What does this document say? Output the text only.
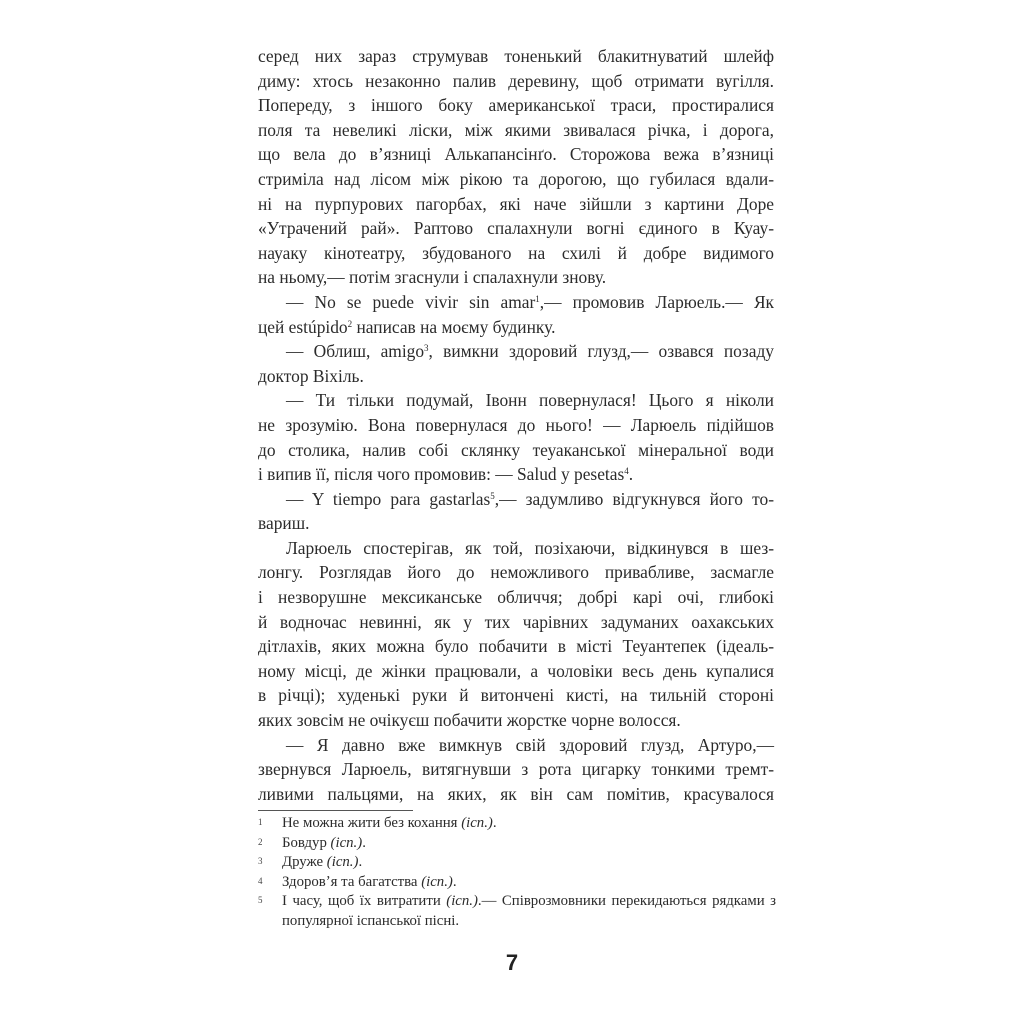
серед них зараз струмував тоненький блакитнуватий шлейф
диму: хтось незаконно палив деревину, щоб отримати вугілля.
Попереду, з іншого боку американської траси, простиралися
поля та невеликі ліски, між якими звивалася річка, і дорога,
що вела до вʼязниці Алькапансінґо. Сторожова вежа вʼязниці
стриміла над лісом між рікою та дорогою, що губилася вдали-
ні на пурпурових пагорбах, які наче зійшли з картини Доре
«Утрачений рай». Раптово спалахнули вогні єдиного в Куау-
науаку кінотеатру, збудованого на схилі й добре видимого
на ньому,— потім згаснули і спалахнули знову.

— No se puede vivir sin amar$^1$,— промовив Ларюель.— Як
цей estúpido$^2$ написав на моєму будинку.

— Облиш, amigo$^3$, вимкни здоровий глузд,— озвався позаду
доктор Віхіль.

— Ти тільки подумай, Івонн повернулася! Цього я ніколи
не зрозумію. Вона повернулася до нього! — Ларюель підійшов
до столика, налив собі склянку теуаканської мінеральної води
і випив її, після чого промовив: — Salud y pesetas$^4$.

— Y tiempo para gastarlas$^5$,— задумливо відгукнувся його то-
вариш.

Ларюель спостерігав, як той, позіхаючи, відкинувся в шез-
лонгу. Розглядав його до неможливого привабливе, засмагле
і незворушне мексиканське обличчя; добрі карі очі, глибокі
й водночас невинні, як у тих чарівних задуманих оахакських
дітлахів, яких можна було побачити в місті Теуантепек (ідеаль-
ному місці, де жінки працювали, а чоловіки весь день купалися
в річці); худенькі руки й витончені кисті, на тильній стороні
яких зовсім не очікуєш побачити жорстке чорне волосся.

— Я давно вже вимкнув свій здоровий глузд, Артуро,—
звернувся Ларюель, витягнувши з рота цигарку тонкими тремт-
ливими пальцями, на яких, як він сам помітив, красувалося

1	Не можна жити без кохання (ісп.).
2	Бовдур (ісп.).
3	Друже (ісп.).
4	Здоровʼя та багатства (ісп.).
5	І часу, щоб їх витратити (ісп.).— Співрозмовники перекидаються рядками з популярної іспанської пісні.
7
